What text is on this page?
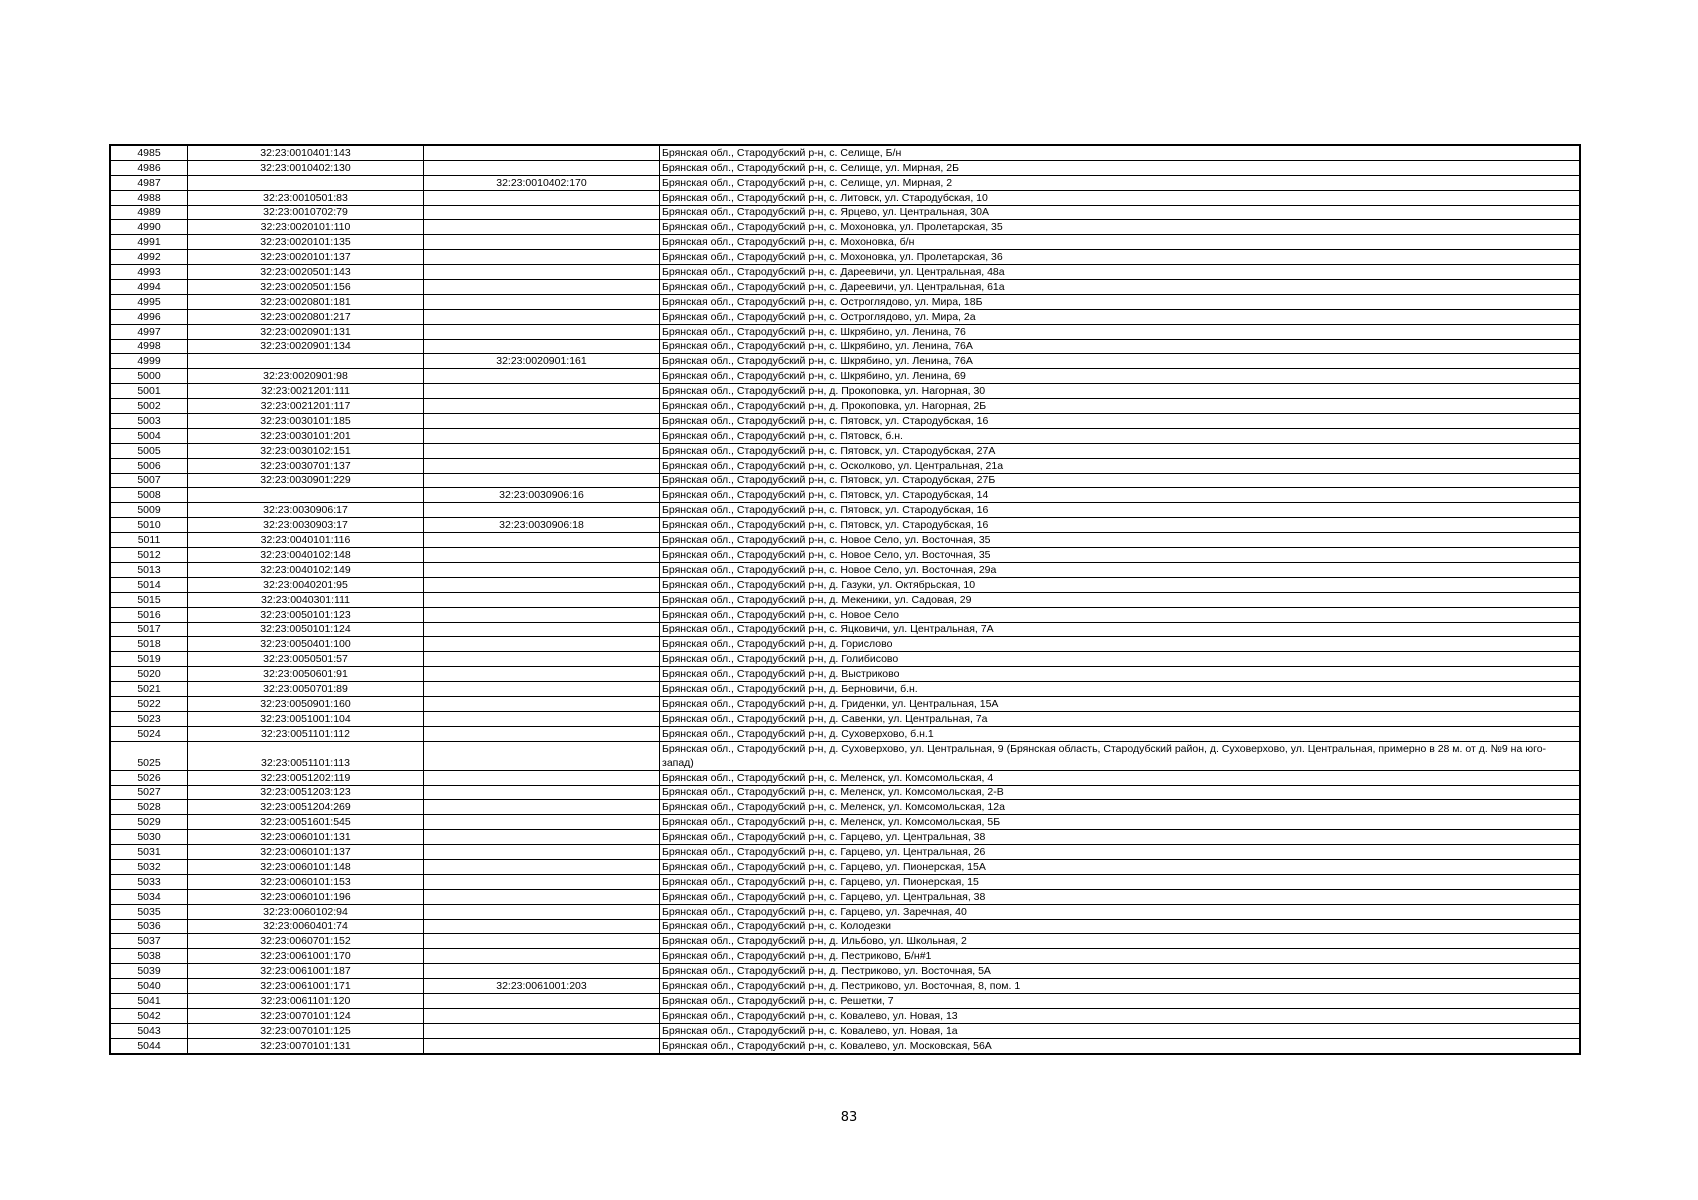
4985	32:23:0010401:143		Брянская обл., Стародубский р-н, с. Селище, Б/н
4986	32:23:0010402:130		Брянская обл., Стародубский р-н, с. Селище, ул. Мирная, 2Б
4987		32:23:0010402:170	Брянская обл., Стародубский р-н, с. Селище, ул. Мирная, 2
4988	32:23:0010501:83		Брянская обл., Стародубский р-н, с. Литовск, ул. Стародубская, 10
4989	32:23:0010702:79		Брянская обл., Стародубский р-н, с. Ярцево, ул. Центральная, 30А
4990	32:23:0020101:110		Брянская обл., Стародубский р-н, с. Мохоновка, ул. Пролетарская, 35
4991	32:23:0020101:135		Брянская обл., Стародубский р-н, с. Мохоновка, б/н
4992	32:23:0020101:137		Брянская обл., Стародубский р-н, с. Мохоновка, ул. Пролетарская, 36
4993	32:23:0020501:143		Брянская обл., Стародубский р-н, с. Дареевичи, ул. Центральная, 48а
4994	32:23:0020501:156		Брянская обл., Стародубский р-н, с. Дареевичи, ул. Центральная, 61а
4995	32:23:0020801:181		Брянская обл., Стародубский р-н, с. Остроглядово, ул. Мира, 18Б
4996	32:23:0020801:217		Брянская обл., Стародубский р-н, с. Остроглядово, ул. Мира, 2а
4997	32:23:0020901:131		Брянская обл., Стародубский р-н, с. Шкрябино, ул. Ленина, 76
4998	32:23:0020901:134		Брянская обл., Стародубский р-н, с. Шкрябино, ул. Ленина, 76А
4999		32:23:0020901:161	Брянская обл., Стародубский р-н, с. Шкрябино, ул. Ленина, 76А
5000	32:23:0020901:98		Брянская обл., Стародубский р-н, с. Шкрябино, ул. Ленина, 69
5001	32:23:0021201:111		Брянская обл., Стародубский р-н, д. Прокоповка, ул. Нагорная, 30
5002	32:23:0021201:117		Брянская обл., Стародубский р-н, д. Прокоповка, ул. Нагорная, 2Б
5003	32:23:0030101:185		Брянская обл., Стародубский р-н, с. Пятовск, ул. Стародубская, 16
5004	32:23:0030101:201		Брянская обл., Стародубский р-н, с. Пятовск, б.н.
5005	32:23:0030102:151		Брянская обл., Стародубский р-н, с. Пятовск, ул. Стародубская, 27А
5006	32:23:0030701:137		Брянская обл., Стародубский р-н, с. Осколково, ул. Центральная, 21а
5007	32:23:0030901:229		Брянская обл., Стародубский р-н, с. Пятовск, ул. Стародубская, 27Б
5008		32:23:0030906:16	Брянская обл., Стародубский р-н, с. Пятовск, ул. Стародубская, 14
5009	32:23:0030906:17		Брянская обл., Стародубский р-н, с. Пятовск, ул. Стародубская, 16
5010	32:23:0030903:17	32:23:0030906:18	Брянская обл., Стародубский р-н, с. Пятовск, ул. Стародубская, 16
5011	32:23:0040101:116		Брянская обл., Стародубский р-н, с. Новое Село, ул. Восточная, 35
5012	32:23:0040102:148		Брянская обл., Стародубский р-н, с. Новое Село, ул. Восточная, 35
5013	32:23:0040102:149		Брянская обл., Стародубский р-н, с. Новое Село, ул. Восточная, 29а
5014	32:23:0040201:95		Брянская обл., Стародубский р-н, д. Газуки, ул. Октябрьская, 10
5015	32:23:0040301:111		Брянская обл., Стародубский р-н, д. Мекеники, ул. Садовая, 29
5016	32:23:0050101:123		Брянская обл., Стародубский р-н, с. Новое Село
5017	32:23:0050101:124		Брянская обл., Стародубский р-н, с. Яцковичи, ул. Центральная, 7А
5018	32:23:0050401:100		Брянская обл., Стародубский р-н, д. Горислово
5019	32:23:0050501:57		Брянская обл., Стародубский р-н, д. Голибисово
5020	32:23:0050601:91		Брянская обл., Стародубский р-н, д. Выстриково
5021	32:23:0050701:89		Брянская обл., Стародубский р-н, д. Берновичи, б.н.
5022	32:23:0050901:160		Брянская обл., Стародубский р-н, д. Гриденки, ул. Центральная, 15А
5023	32:23:0051001:104		Брянская обл., Стародубский р-н, д. Савенки, ул. Центральная, 7а
5024	32:23:0051101:112		Брянская обл., Стародубский р-н, д. Суховерхово, б.н.1
5025	32:23:0051101:113		Брянская обл., Стародубский р-н, д. Суховерхово, ул. Центральная, 9 (Брянская область, Стародубский район, д. Суховерхово, ул. Центральная, примерно в 28 м. от д. №9 на юго-запад)
5026	32:23:0051202:119		Брянская обл., Стародубский р-н, с. Меленск, ул. Комсомольская, 4
5027	32:23:0051203:123		Брянская обл., Стародубский р-н, с. Меленск, ул. Комсомольская, 2-В
5028	32:23:0051204:269		Брянская обл., Стародубский р-н, с. Меленск, ул. Комсомольская, 12а
5029	32:23:0051601:545		Брянская обл., Стародубский р-н, с. Меленск, ул. Комсомольская, 5Б
5030	32:23:0060101:131		Брянская обл., Стародубский р-н, с. Гарцево, ул. Центральная, 38
5031	32:23:0060101:137		Брянская обл., Стародубский р-н, с. Гарцево, ул. Центральная, 26
5032	32:23:0060101:148		Брянская обл., Стародубский р-н, с. Гарцево, ул. Пионерская, 15А
5033	32:23:0060101:153		Брянская обл., Стародубский р-н, с. Гарцево, ул. Пионерская, 15
5034	32:23:0060101:196		Брянская обл., Стародубский р-н, с. Гарцево, ул. Центральная, 38
5035	32:23:0060102:94		Брянская обл., Стародубский р-н, с. Гарцево, ул. Заречная, 40
5036	32:23:0060401:74		Брянская обл., Стародубский р-н, с. Колодезки
5037	32:23:0060701:152		Брянская обл., Стародубский р-н, д. Ильбово, ул. Школьная, 2
5038	32:23:0061001:170		Брянская обл., Стародубский р-н, д. Пестриково, Б/н#1
5039	32:23:0061001:187		Брянская обл., Стародубский р-н, д. Пестриково, ул. Восточная, 5А
5040	32:23:0061001:171	32:23:0061001:203	Брянская обл., Стародубский р-н, д. Пестриково, ул. Восточная, 8, пом. 1
5041	32:23:0061101:120		Брянская обл., Стародубский р-н, с. Решетки, 7
5042	32:23:0070101:124		Брянская обл., Стародубский р-н, с. Ковалево, ул. Новая, 13
5043	32:23:0070101:125		Брянская обл., Стародубский р-н, с. Ковалево, ул. Новая, 1а
5044	32:23:0070101:131		Брянская обл., Стародубский р-н, с. Ковалево, ул. Московская, 56А
83
